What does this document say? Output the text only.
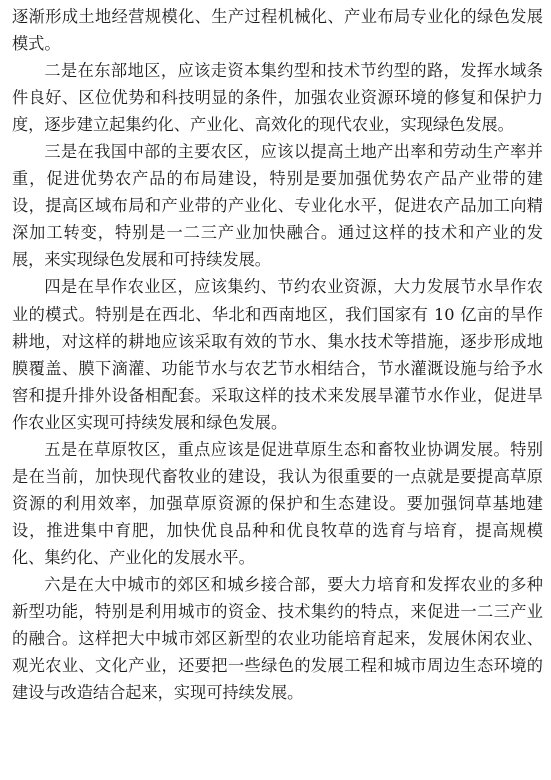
逐渐形成土地经营规模化、生产过程机械化、产业布局专业化的绿色发展模式。

二是在东部地区，应该走资本集约型和技术节约型的路，发挥水域条件良好、区位优势和科技明显的条件，加强农业资源环境的修复和保护力度，逐步建立起集约化、产业化、高效化的现代农业，实现绿色发展。

三是在我国中部的主要农区，应该以提高土地产出率和劳动生产率并重，促进优势农产品的布局建设，特别是要加强优势农产品产业带的建设，提高区域布局和产业带的产业化、专业化水平，促进农产品加工向精深加工转变，特别是一二三产业加快融合。通过这样的技术和产业的发展，来实现绿色发展和可持续发展。

四是在旱作农业区，应该集约、节约农业资源，大力发展节水旱作农业的模式。特别是在西北、华北和西南地区，我们国家有 10 亿亩的旱作耕地，对这样的耕地应该采取有效的节水、集水技术等措施，逐步形成地膜覆盖、膜下滴灌、功能节水与农艺节水相结合，节水灌溉设施与给予水窖和提升排外设备相配套。采取这样的技术来发展旱灌节水作业，促进旱作农业区实现可持续发展和绿色发展。

五是在草原牧区，重点应该是促进草原生态和畜牧业协调发展。特别是在当前，加快现代畜牧业的建设，我认为很重要的一点就是要提高草原资源的利用效率，加强草原资源的保护和生态建设。要加强饲草基地建设，推进集中育肥，加快优良品种和优良牧草的选育与培育，提高规模化、集约化、产业化的发展水平。

六是在大中城市的郊区和城乡接合部，要大力培育和发挥农业的多种新型功能，特别是利用城市的资金、技术集约的特点，来促进一二三产业的融合。这样把大中城市郊区新型的农业功能培育起来，发展休闲农业、观光农业、文化产业，还要把一些绿色的发展工程和城市周边生态环境的建设与改造结合起来，实现可持续发展。
